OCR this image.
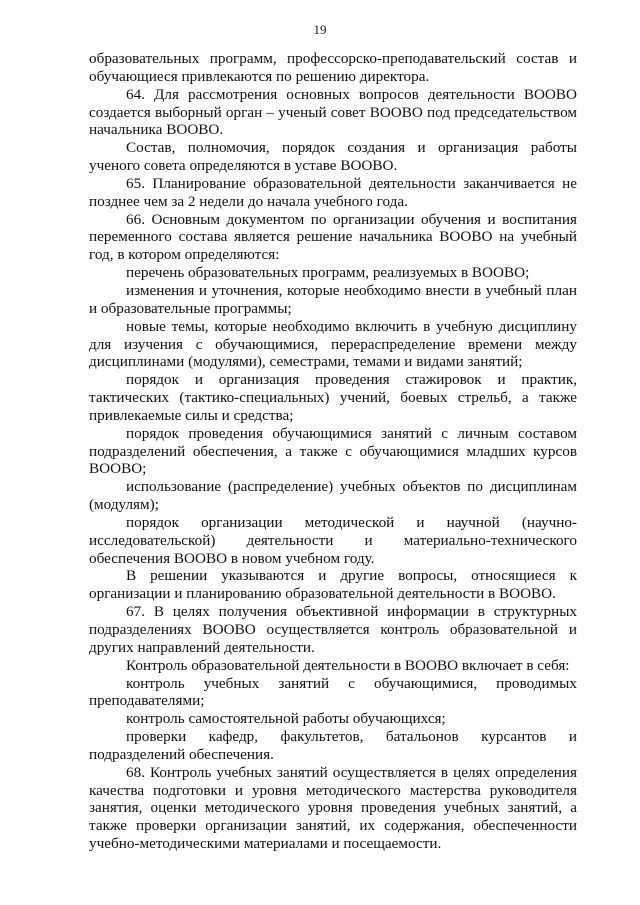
19

образовательных программ, профессорско-преподавательский состав и обучающиеся привлекаются по решению директора.

64. Для рассмотрения основных вопросов деятельности ВООВО создается выборный орган – ученый совет ВООВО под председательством начальника ВООВО.

Состав, полномочия, порядок создания и организация работы ученого совета определяются в уставе ВООВО.

65. Планирование образовательной деятельности заканчивается не позднее чем за 2 недели до начала учебного года.

66. Основным документом по организации обучения и воспитания переменного состава является решение начальника ВООВО на учебный год, в котором определяются:

перечень образовательных программ, реализуемых в ВООВО;

изменения и уточнения, которые необходимо внести в учебный план и образовательные программы;

новые темы, которые необходимо включить в учебную дисциплину для изучения с обучающимися, перераспределение времени между дисциплинами (модулями), семестрами, темами и видами занятий;

порядок и организация проведения стажировок и практик, тактических (тактико-специальных) учений, боевых стрельб, а также привлекаемые силы и средства;

порядок проведения обучающимися занятий с личным составом подразделений обеспечения, а также с обучающимися младших курсов ВООВО;

использование (распределение) учебных объектов по дисциплинам (модулям);

порядок организации методической и научной (научно-исследовательской) деятельности и материально-технического обеспечения ВООВО в новом учебном году.

В решении указываются и другие вопросы, относящиеся к организации и планированию образовательной деятельности в ВООВО.

67. В целях получения объективной информации в структурных подразделениях ВООВО осуществляется контроль образовательной и других направлений деятельности.

Контроль образовательной деятельности в ВООВО включает в себя:

контроль учебных занятий с обучающимися, проводимых преподавателями;

контроль самостоятельной работы обучающихся;

проверки кафедр, факультетов, батальонов курсантов и подразделений обеспечения.

68. Контроль учебных занятий осуществляется в целях определения качества подготовки и уровня методического мастерства руководителя занятия, оценки методического уровня проведения учебных занятий, а также проверки организации занятий, их содержания, обеспеченности учебно-методическими материалами и посещаемости.
